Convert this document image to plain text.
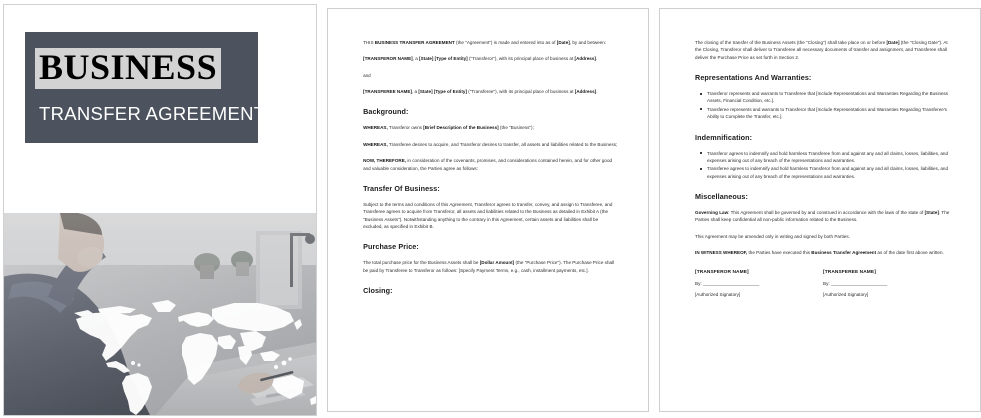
BUSINESS
TRANSFER AGREEMENT

THIS BUSINESS TRANSFER AGREEMENT (the "Agreement") is made and entered into as of [Date], by and between:

[TRANSFEROR NAME], a [State] [Type of Entity] ("Transferor"), with its principal place of business at [Address].

and

[TRANSFEREE NAME], a [State] [Type of Entity] ("Transferee"), with its principal place of business at [Address].

Background:

WHEREAS, Transferor owns [Brief Description of the Business] (the "Business");

WHEREAS, Transferee desires to acquire, and Transferor desires to transfer, all assets and liabilities related to the Business;

NOW, THEREFORE, in consideration of the covenants, promises, and considerations contained herein, and for other good and valuable consideration, the Parties agree as follows:

Transfer Of Business:

Subject to the terms and conditions of this Agreement, Transferor agrees to transfer, convey, and assign to Transferee, and Transferee agrees to acquire from Transferor, all assets and liabilities related to the Business as detailed in Exhibit A (the "Business Assets"). Notwithstanding anything to the contrary in this Agreement, certain assets and liabilities shall be excluded, as specified in Exhibit B.

Purchase Price:

The total purchase price for the Business Assets shall be [Dollar Amount] (the "Purchase Price"). The Purchase Price shall be paid by Transferee to Transferor as follows: [Specify Payment Terms, e.g., cash, installment payments, etc.].

Closing:

The closing of the transfer of the Business Assets (the "Closing") shall take place on or before [Date] (the "Closing Date"). At the Closing, Transferor shall deliver to Transferee all necessary documents of transfer and assignment, and Transferee shall deliver the Purchase Price as set forth in Section 2.

Representations And Warranties:
Transferor represents and warrants to Transferee that [Include Representations and Warranties Regarding the Business Assets, Financial Condition, etc.].
Transferee represents and warrants to Transferor that [Include Representations and Warranties Regarding Transferee's Ability to Complete the Transfer, etc.].
Indemnification:
Transferor agrees to indemnify and hold harmless Transferee from and against any and all claims, losses, liabilities, and expenses arising out of any breach of the representations and warranties.
Transferee agrees to indemnify and hold harmless Transferor from and against any and all claims, losses, liabilities, and expenses arising out of any breach of the representations and warranties.
Miscellaneous:

Governing Law: This Agreement shall be governed by and construed in accordance with the laws of the state of [State]. The Parties shall keep confidential all non-public information related to the Business.

This Agreement may be amended only in writing and signed by both Parties.

IN WITNESS WHEREOF, the Parties have executed this Business Transfer Agreement as of the date first above written.

[TRANSFEROR NAME]
By: ______________________
[Authorized Signatory]
[TRANSFEREE NAME]
By: ______________________
[Authorized Signatory]
